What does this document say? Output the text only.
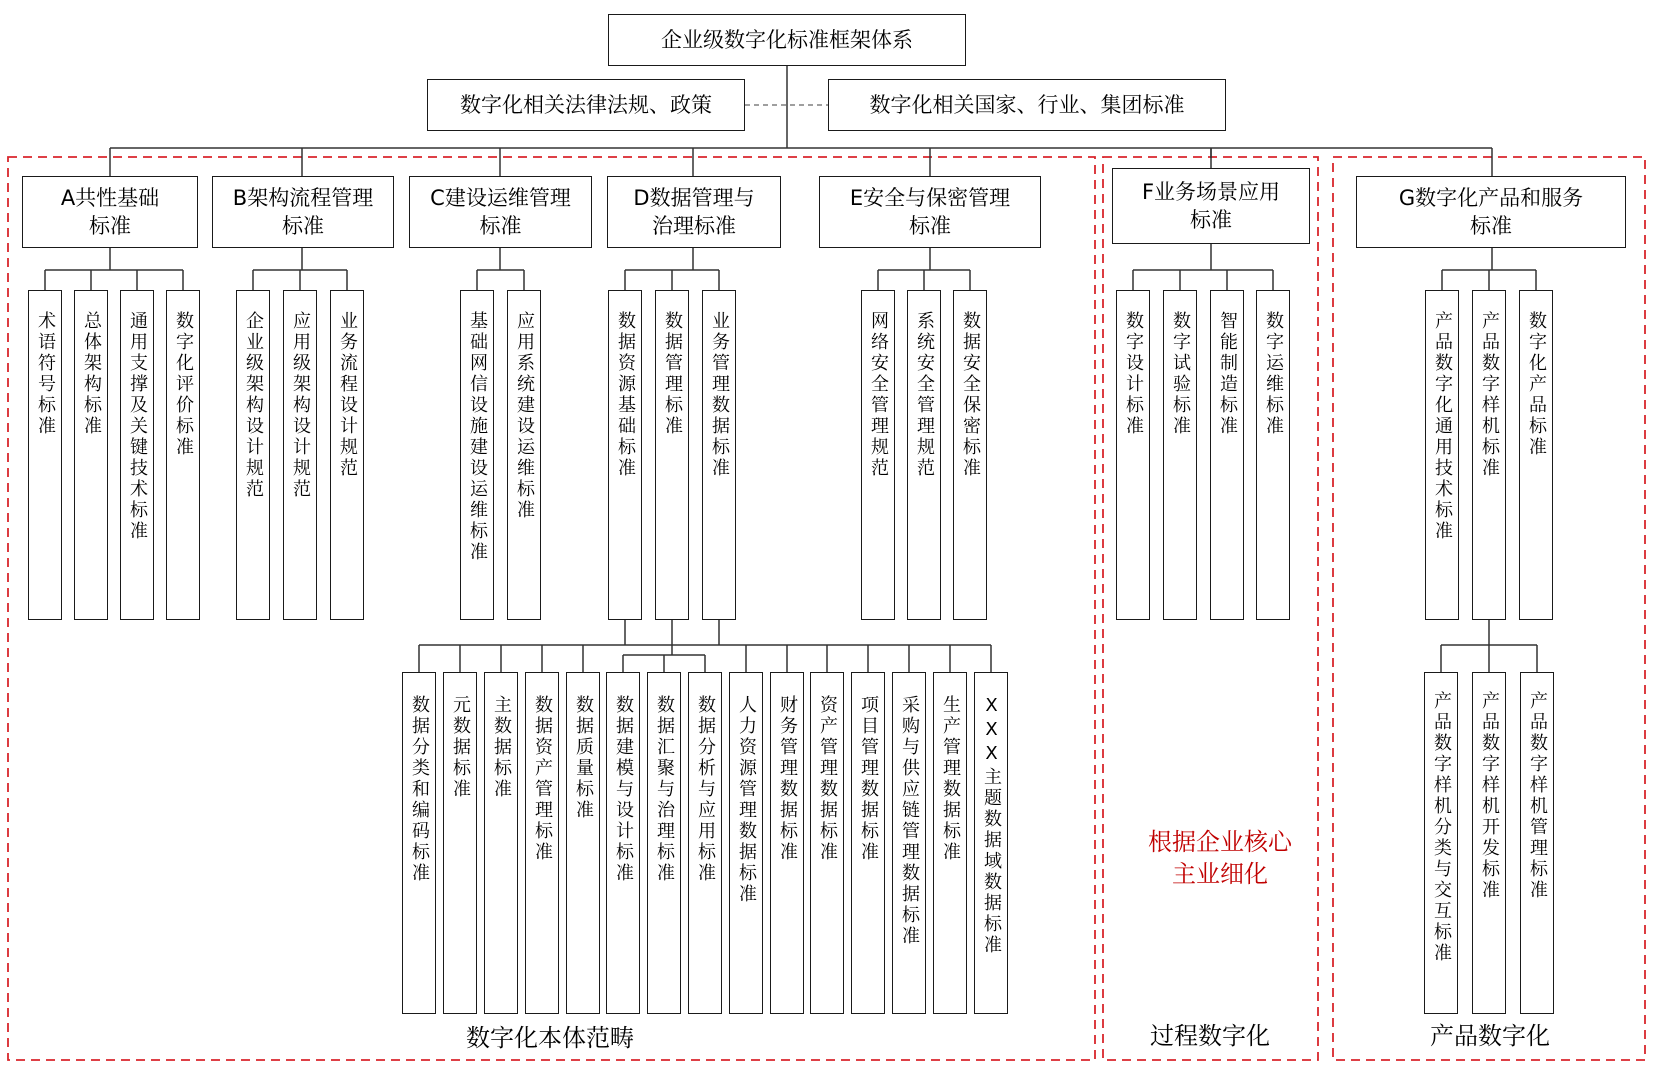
企业级数字化标准框架体系
数字化相关法律法规、政策	数字化相关国家、行业、集团标准
A共性基础
标准
术语符号标准 总体架构标准 通用支撑及关键技术标准 数字化评价标准
B架构流程管理
标准
企业级架构设计规范 应用级架构设计规范 业务流程设计规范
C建设运维管理
标准
基础网信设施建设运维标准 应用系统建设运维标准
D数据管理与
治理标准
数据资源基础标准 数据管理标准 业务管理数据标准
E安全与保密管理
标准
网络安全管理规范 系统安全管理规范 数据安全保密标准
F业务场景应用
标准
数字设计标准 数字试验标准 智能制造标准 数字运维标准
G数字化产品和服务
标准
产品数字化通用技术标准 产品数字样机标准 数字化产品标准
数据分类和编码标准 元数据标准 主数据标准 数据资产管理标准 数据质量标准 数据建模与设计标准 数据汇聚与治理标准 数据分析与应用标准 人力资源管理数据标准 财务管理数据标准 资产管理数据标准 项目管理数据标准 采购与供应链管理数据标准 生产管理数据标准 XXX主题数据域数据标准	产品数字样机分类与交互标准 产品数字样机开发标准 产品数字样机管理标准
根据企业核心
主业细化
数字化本体范畴	过程数字化	产品数字化
